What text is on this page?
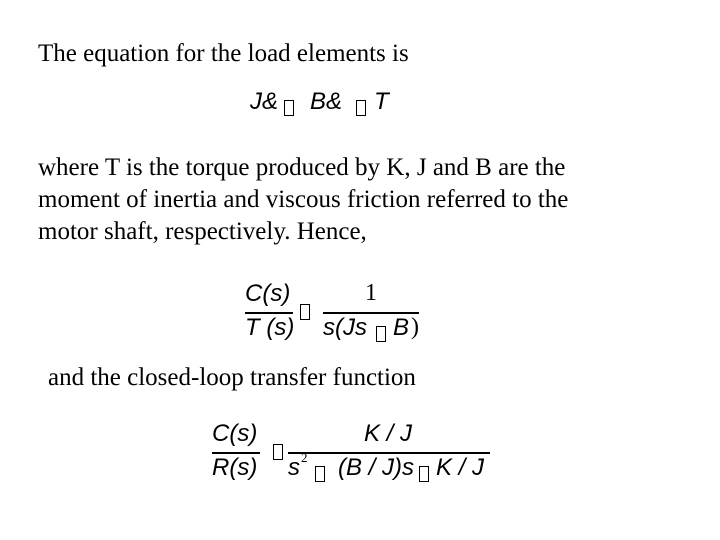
The equation for the load elements is

J& B& T

where T is the torque produced by K, J and B are the
moment of inertia and viscous friction referred to the
motor shaft, respectively. Hence,

C(s)
T (s)
1
s(Js B )

and the closed-loop transfer function

C(s)
R(s)
K / J
s 2 (B / J)s K / J
